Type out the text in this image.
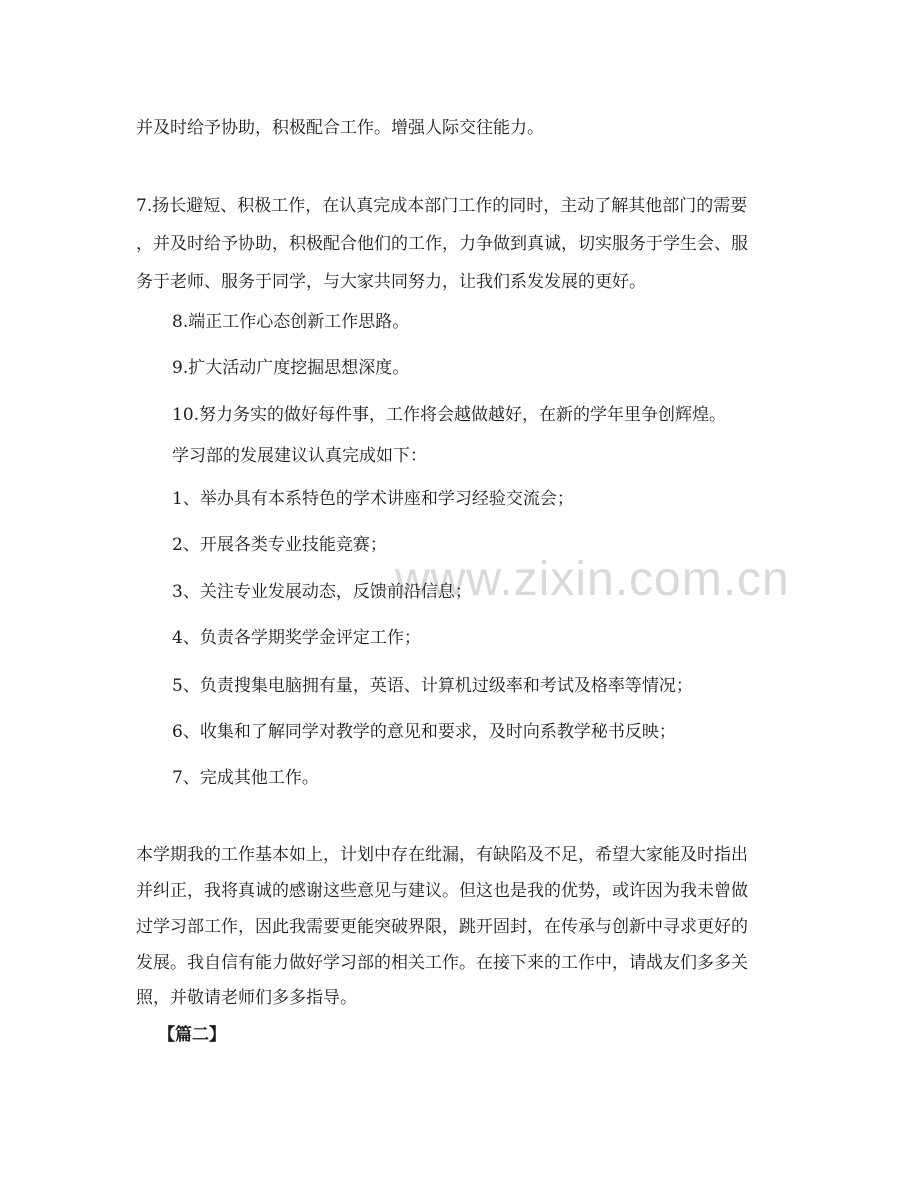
www.zixin.com.cn
并及时给予协助，积极配合工作。增强人际交往能力。
7.扬长避短、积极工作，在认真完成本部门工作的同时，主动了解其他部门的需要
，并及时给予协助，积极配合他们的工作，力争做到真诚，切实服务于学生会、服
务于老师、服务于同学，与大家共同努力，让我们系发发展的更好。
8.端正工作心态创新工作思路。
9.扩大活动广度挖掘思想深度。
10.努力务实的做好每件事，工作将会越做越好，在新的学年里争创辉煌。
学习部的发展建议认真完成如下：
1、举办具有本系特色的学术讲座和学习经验交流会；
2、开展各类专业技能竞赛；
3、关注专业发展动态，反馈前沿信息；
4、负责各学期奖学金评定工作；
5、负责搜集电脑拥有量，英语、计算机过级率和考试及格率等情况；
6、收集和了解同学对教学的意见和要求，及时向系教学秘书反映；
7、完成其他工作。
本学期我的工作基本如上，计划中存在纰漏，有缺陷及不足，希望大家能及时指出
并纠正，我将真诚的感谢这些意见与建议。但这也是我的优势，或许因为我未曾做
过学习部工作，因此我需要更能突破界限，跳开固封，在传承与创新中寻求更好的
发展。我自信有能力做好学习部的相关工作。在接下来的工作中，请战友们多多关
照，并敬请老师们多多指导。
【篇二】
